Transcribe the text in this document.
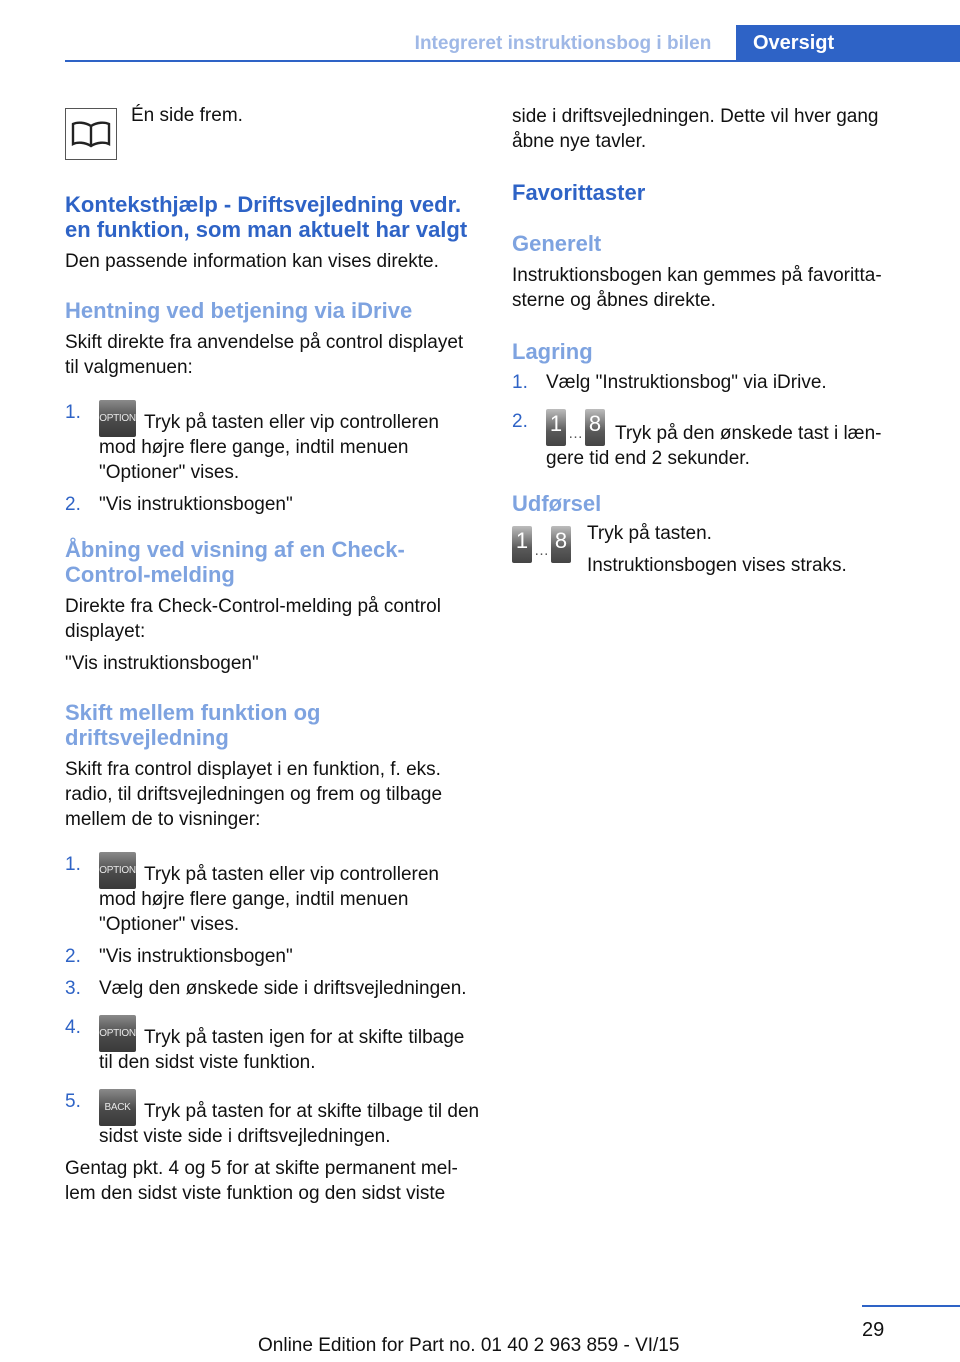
Integreret instruktionsbog i bilen	Oversigt

Én side frem.

Konteksthjælp - Driftsvejledning vedr. en funktion, som man aktuelt har valgt

Den passende information kan vises direkte.

Hentning ved betjening via iDrive

Skift direkte fra anvendelse på control displayet til valgmenuen:

1. OPTION Tryk på tasten eller vip controlleren mod højre flere gange, indtil menuen "Optioner" vises.
2. "Vis instruktionsbogen"
Åbning ved visning af en Check-Control-melding

Direkte fra Check-Control-melding på control displayet:

"Vis instruktionsbogen"

Skift mellem funktion og driftsvejledning

Skift fra control displayet i en funktion, f. eks. radio, til driftsvejledningen og frem og tilbage mellem de to visninger:

1. OPTION Tryk på tasten eller vip controlleren mod højre flere gange, indtil menuen "Optioner" vises.
2. "Vis instruktionsbogen"
3. Vælg den ønskede side i driftsvejledningen.
4. OPTION Tryk på tasten igen for at skifte tilbage til den sidst viste funktion.
5. BACK Tryk på tasten for at skifte tilbage til den sidst viste side i driftsvejledningen.

Gentag pkt. 4 og 5 for at skifte permanent mellem den sidst viste funktion og den sidst viste

side i driftsvejledningen. Dette vil hver gang åbne nye tavler.

Favorittaster
Generelt

Instruktionsbogen kan gemmes på favorittasterne og åbnes direkte.

Lagring
1. Vælg "Instruktionsbog" via iDrive.
2. 1 … 8 Tryk på den ønskede tast i længere tid end 2 sekunder.
Udførsel
1 … 8	Tryk på tasten.

Instruktionsbogen vises straks.

29
Online Edition for Part no. 01 40 2 963 859 - VI/15
